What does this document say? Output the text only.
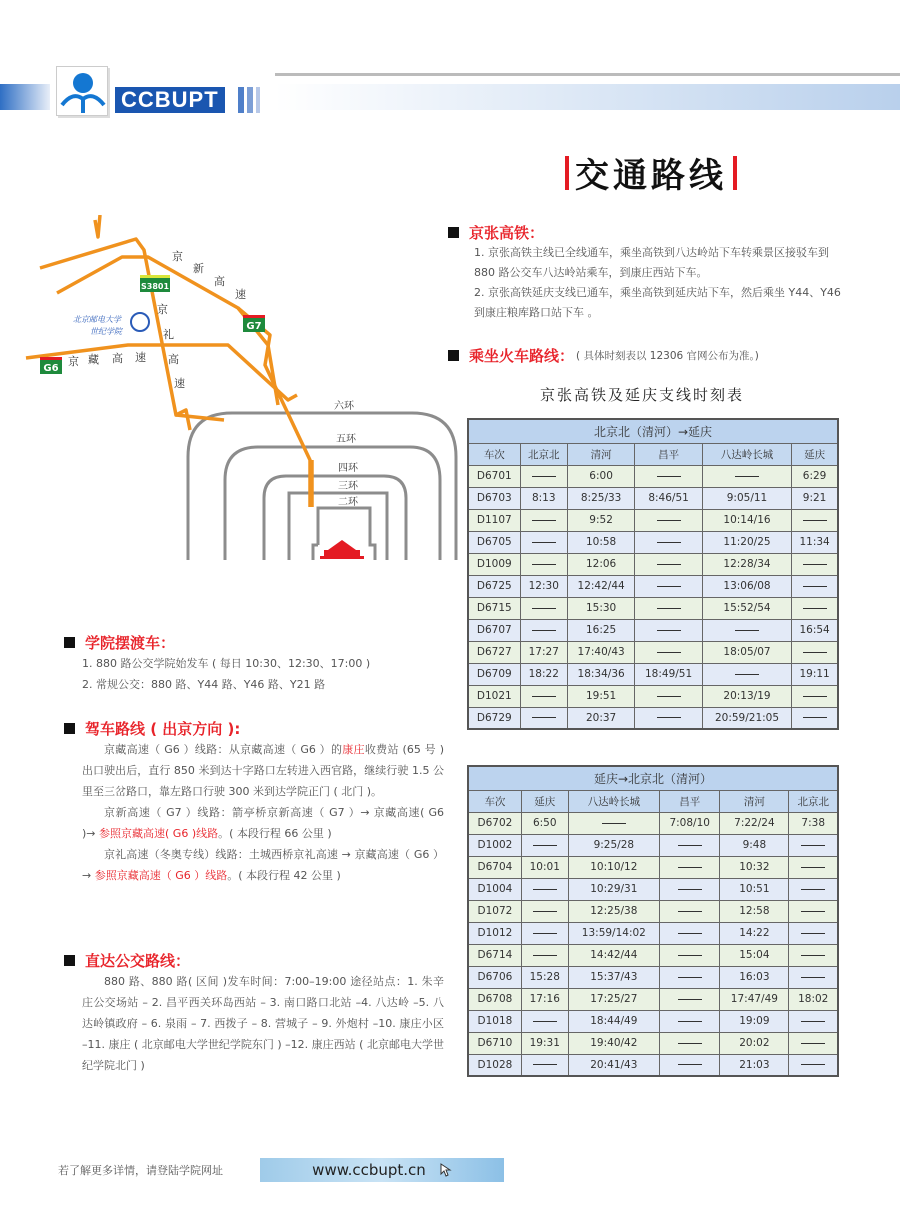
CCBUPT
交通路线
S3801
G7
G6
京 藏 高 速
京
礼
高
速
京
新
高
速
北京邮电大学
世纪学院
六环
五环
四环
三环
二环
京张高铁：
1. 京张高铁主线已全线通车，乘坐高铁到八达岭站下车转乘景区接驳车到 880 路公交车八达岭站乘车，到康庄西站下车。
2. 京张高铁延庆支线已通车，乘坐高铁到延庆站下车，然后乘坐 Y44、Y46 到康庄粮库路口站下车 。
乘坐火车路线： ( 具体时刻表以 12306 官网公布为准。)
京张高铁及延庆支线时刻表
北京北（清河）→延庆					
车次	北京北	清河	昌平	八达岭长城	延庆
D6701		6:00			6:29
D6703	8:13	8:25/33	8:46/51	9:05/11	9:21
D1107		9:52		10:14/16	
D6705		10:58		11:20/25	11:34
D1009		12:06		12:28/34	
D6725	12:30	12:42/44		13:06/08	
D6715		15:30		15:52/54	
D6707		16:25			16:54
D6727	17:27	17:40/43		18:05/07	
D6709	18:22	18:34/36	18:49/51		19:11
D1021		19:51		20:13/19	
D6729		20:37		20:59/21:05	
延庆→北京北（清河）					
车次	延庆	八达岭长城	昌平	清河	北京北
D6702	6:50		7:08/10	7:22/24	7:38
D1002		9:25/28		9:48	
D6704	10:01	10:10/12		10:32	
D1004		10:29/31		10:51	
D1072		12:25/38		12:58	
D1012		13:59/14:02		14:22	
D6714		14:42/44		15:04	
D6706	15:28	15:37/43		16:03	
D6708	17:16	17:25/27		17:47/49	18:02
D1018		18:44/49		19:09	
D6710	19:31	19:40/42		20:02	
D1028		20:41/43		21:03	
学院摆渡车：
1. 880 路公交学院始发车 ( 每日 10:30、12:30、17:00 )
2. 常规公交：880 路、Y44 路、Y46 路、Y21 路
驾车路线 ( 出京方向 ):

京藏高速（ G6 ）线路：从京藏高速（ G6 ）的康庄收费站 (65 号 ) 出口驶出后，直行 850 米到达十字路口左转进入西官路，继续行驶 1.5 公里至三岔路口，靠左路口行驶 300 米到达学院正门 ( 北门 )。

京新高速（ G7 ）线路：箭亭桥京新高速（ G7 ）→ 京藏高速( G6 )→ 参照京藏高速( G6 )线路。( 本段行程 66 公里 )

京礼高速（冬奥专线）线路：土城西桥京礼高速 → 京藏高速（ G6 ）→ 参照京藏高速（ G6 ）线路。( 本段行程 42 公里 )

直达公交路线：
880 路、880 路( 区间 )发车时间：7:00–19:00 途径站点：1. 朱辛庄公交场站 – 2. 昌平西关环岛西站 – 3. 南口路口北站 –4. 八达岭 –5. 八达岭镇政府 – 6. 泉雨 – 7. 西拨子 – 8. 营城子 – 9. 外炮村 –10. 康庄小区 –11. 康庄 ( 北京邮电大学世纪学院东门 ) –12. 康庄西站 ( 北京邮电大学世纪学院北门 )
若了解更多详情，请登陆学院网址	www.ccbupt.cn
